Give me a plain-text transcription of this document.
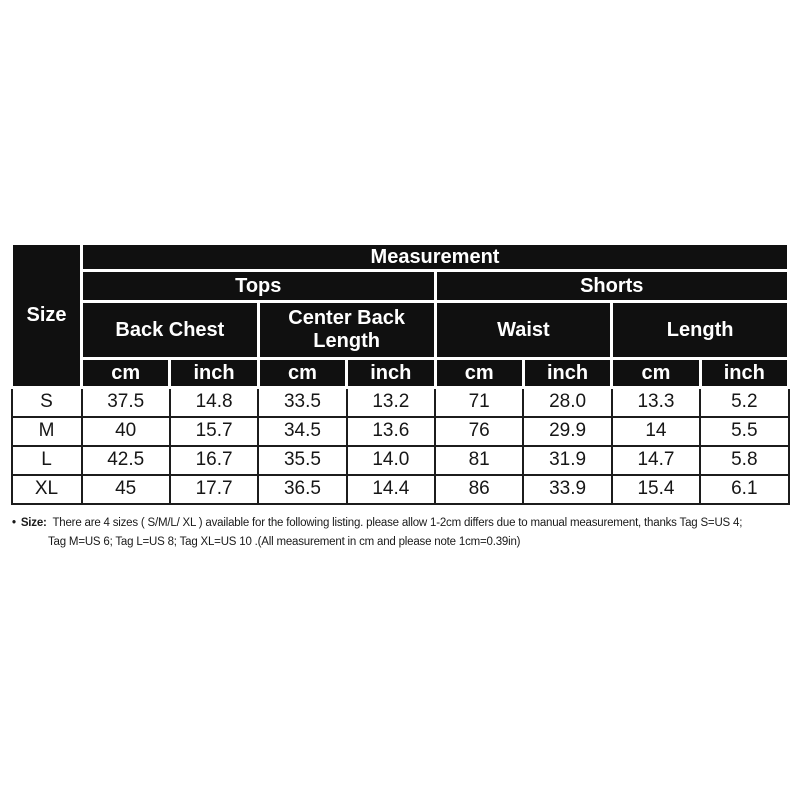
Size	Measurement							
	Tops				Shorts			
	Back Chest		Center Back Length		Waist		Length	
	cm	inch	cm	inch	cm	inch	cm	inch
S	37.5	14.8	33.5	13.2	71	28.0	13.3	5.2
M	40	15.7	34.5	13.6	76	29.9	14	5.5
L	42.5	16.7	35.5	14.0	81	31.9	14.7	5.8
XL	45	17.7	36.5	14.4	86	33.9	15.4	6.1
• Size: There are 4 sizes ( S/M/L/ XL ) available for the following listing. please allow 1-2cm differs due to manual measurement, thanks Tag S=US 4;
Tag M=US 6; Tag L=US 8; Tag XL=US 10 .(All measurement in cm and please note 1cm=0.39in)
